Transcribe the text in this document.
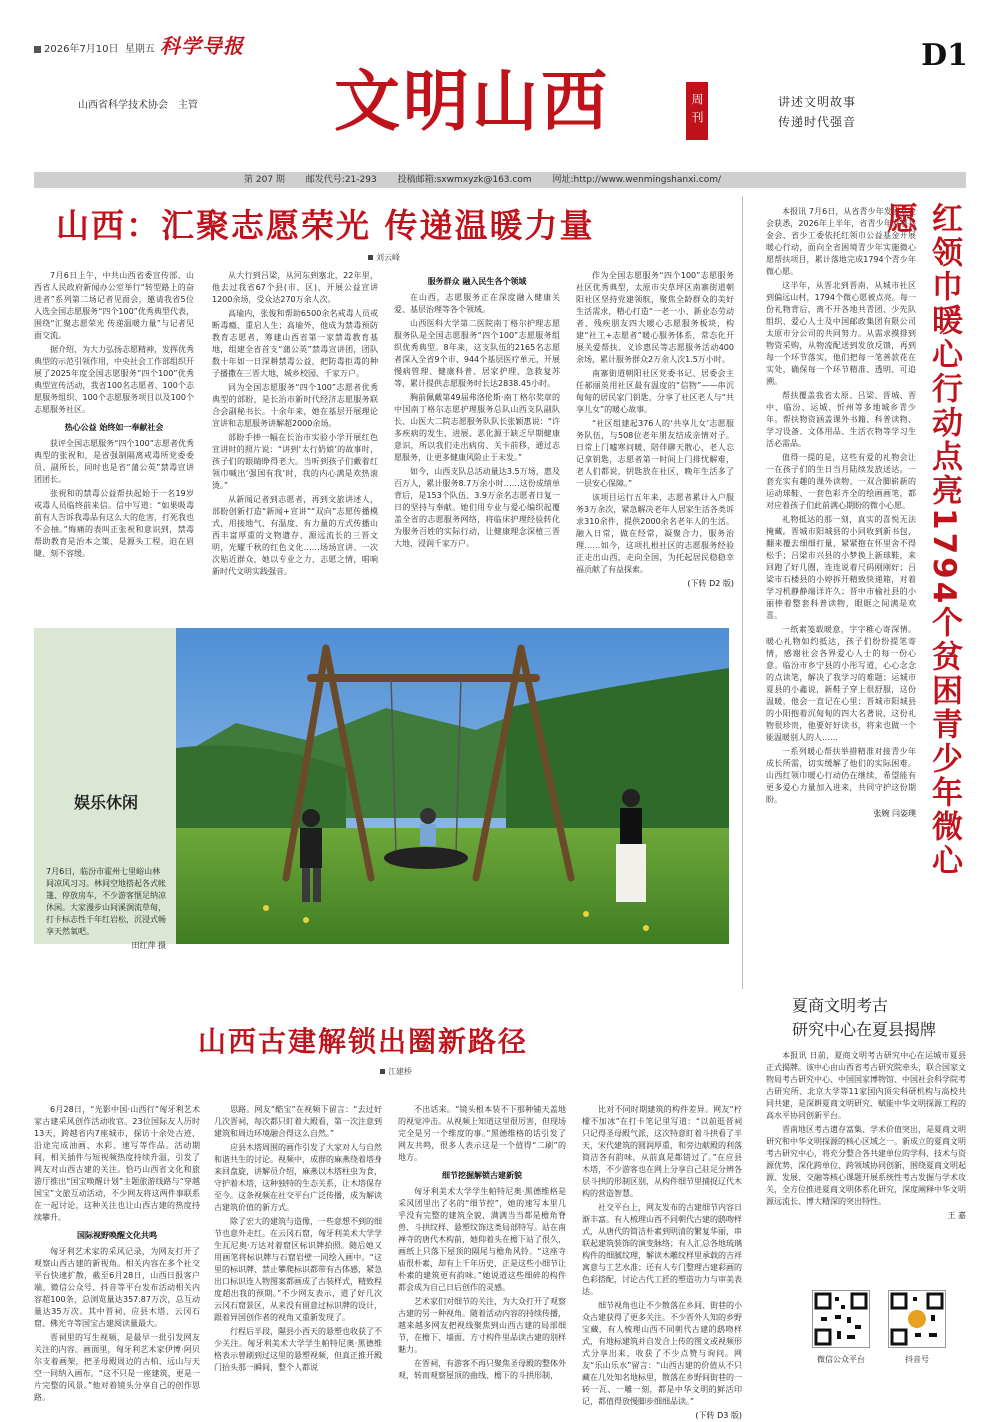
2026年7月10日 星期五 科学导报	D1
山西省科学技术协会　主管 文明山西	周刊	讲述文明故事
传递时代强音
第 207 期 邮发代号:21-293 投稿邮箱:sxwmxyzk@163.com 网址:http://www.wenmingshanxi.com/
山西：汇聚志愿荣光 传递温暖力量
刘云峰

7月6日上午，中共山西省委宣传部、山西省人民政府新闻办公室举行“转型路上的奋进者”系列第二场记者见面会，邀请我省5位入选全国志愿服务“四个100”优秀典型代表，围绕“汇聚志愿荣光 传递温暖力量”与记者见面交流。

据介绍，为大力弘扬志愿精神，发挥优秀典型的示范引领作用，中央社会工作部组织开展了2025年度全国志愿服务“四个100”优秀典型宣传活动，我省100名志愿者、100个志愿服务组织、100个志愿服务项目以及100个志愿服务社区。

热心公益 始终如一奉献社会

获评全国志愿服务“四个100”志愿者优秀典型的张祝和，是省强制隔离戒毒所党委委员、副所长，同时也是省“蒲公英”禁毒宣讲团团长。

张祝和的禁毒公益帮扶起始于一名19岁戒毒人员临终前来信。信中写道：“如果吸毒前有人告诉我毒品有这么大的危害，打死我也不会抽。”悔痛的表叫正张祝和意识到，禁毒帮助教育是治本之策、是源头工程，迫在眉睫、刻不容缓。

从大行到吕梁，从河东到塞北，22年里，他去过我省67个县(市、区)，开展公益宣讲1200余场，受众达270万余人次。

高瑜内，张俊和帮助6500余名戒毒人员戒断毒瘾、重启人生；高瑜外，他成为禁毒预防教育志愿者，筹建山西省第一家禁毒教育基地，组建全省首支“蒲公英”禁毒宣讲团，团队数十年如一日深耕禁毒公益，把防毒拒毒的种子播撒在三晋大地，城乡校园、千家万户。

同为全国志愿服务“四个100”志愿者优秀典型的部盼，是长治市新时代经济志愿服务联合会副秘书长。十余年来，她在基层开展理论宣讲和志愿服务讲解超2000余场。

部盼手捧一幅在长治市实验小学开展红色宣讲时的照片说：“讲到‘太行奶娘’的故事时，孩子们的眼睛睁得老大。当听到孩子们戴着红领巾喊出‘强国有我’时，我的内心满是欢热滚烫。”

从新闻记者到志愿者，再到文旅讲述人，部盼创新打造“新闻+宣讲”“双向”志愿传播模式，用接地气、有温度、有力量的方式传播山西丰富厚重的文物遗存、源远流长的三晋文明，光耀千秋的红色文化……场场宣讲、一次次贴近群众，她以专业之力、志愿之情，唱响新时代文明实践强音。

服务群众 融入民生各个领域

在山西，志愿服务正在深度融入健康关爱、基层治理等各个领域。

山西医科大学第二医院南丁格尔护理志愿服务队是全国志愿服务“四个100”志愿服务组织优秀典型。8年来，这支队伍的2165名志愿者深入全省9个市、944个基层医疗单元，开展慢病管理、健康科普、居家护理、急救复苏等，累计提供志愿服务时长达2838.45小时。

胸前佩戴第49届弗洛伦斯·南丁格尔奖章的中国南丁格尔志愿护理服务总队山西支队副队长、山医大二院志愿服务队队长张颖惠说：“许多疾病的发生、进展、恶化源于缺乏早期健康意识，所以我们走出病房、关卡前移，通过志愿服务，让更多健康风险止于未发。”

如今，山西支队总活动量达3.5万场，惠及百万人，累计服务8.7万余小时……这份成绩单背后，是153个队伍、3.9万余名志愿者日复一日的坚持与奉献。她们用专业与爱心编织起覆盖全省的志愿服务网络，将临床护理经验转化为服务百姓的实际行动，让健康理念深植三晋大地，浸润千家万户。

作为全国志愿服务“四个100”志愿服务社区优秀典型，太原市尖草坪区南寨街道朝阳社区坚持党建领航，聚焦全龄群众的美好生活需求，精心打造“一老一小、新业态劳动者、残疾朋友四大暖心志愿服务板块，构建“社工+志愿者”暖心服务体系，常态化开展关爱帮扶、义诊惠民等志愿服务活动400余场，累计服务群众2万余人次1.5万小时。

南寨街道朝阳社区党委书记、居委会主任郝丽英用社区最有温度的“信物”——串沉甸甸的居民家门钥匙，分享了社区老人与“共享儿女”的暖心故事。

“社区组建起376人的‘共享儿女’志愿服务队伍，与508位老年朋友结成亲情对子。日常上门嘘寒问暖、陪伴聊天散心，老人忘记拿钥匙，志愿者第一时间上门排忧解难，老人们都说，钥匙放在社区，晚年生活多了一层安心保障。”

该项目运行五年来，志愿者累计入户服务3万余次，紧急解决老年人居家生活各类诉求310余件，提供2000余名老年人的生活。融入日常，做在经常，凝聚合力，服务治理……如今，这项扎根社区的志愿服务经验正走出山西，走向全国，为托起居民稳稳幸福贡献了有益探索。

(下转 D2 版)
娱乐休闲
7月6日，临汾市霍州七里峪山林间凉风习习。林间空地搭起各式帐篷、停放房车，不少游客惬足纳凉休闲。大家漫步山间溪涧流草甸，打卡标志性千年红岩松，沉浸式畅享天然氧吧。
田红萍 摄

本报讯 7月6日，从省青少年发展基金会获悉，2026年上半年，省青少年发展基金会、省少工委依托红领巾公益基金开展暖心行动，面向全省困境青少年实施微心愿帮扶项目，累计落地完成1794个青少年微心愿。

这半年，从晋北到晋南，从城市社区到偏远山村，1794个微心愿被点亮。每一份礼物背后，离不开各地共青团、少先队组织、爱心人士及中国邮政集团有限公司太原市分公司的共同努力。从需求摸排到物资采购，从物流配送到发放反馈，再到每一个环节落实，他们把每一笔善款花在实处，确保每一个环节精准、透明、可追溯。

帮扶覆盖我省太原、吕梁、晋城、晋中、临汾、运城、忻州等多地城乡青少年。帮扶物资涵盖课外书籍、科普读物、学习设备、文体用品、生活衣物等学习生活必需品。

值得一提的是，这些有爱的礼物会让一在孩子们的生日当月陆续发放送达。一套充实有趣的课外读物、一双合脚崭新的运动球鞋、一套色彩齐全的绘画画笔，都对应着孩子们此前满心期盼的微小心愿。

礼物抵达的那一刻，真实的喜悦无法掩藏。晋城市阳城县的小同收到新书包，翻来覆去细细打量，紧紧抱在怀里舍不得松手；吕梁市兴县的小梦换上新球鞋，来回跑了好几圈，连连说着尺码刚刚好；吕梁市石楼县的小婷拆开精致快递箱，对着学习机静静端详许久；晋中市榆社县的小丽捧着整套科普读物，眼眶之间满是欢喜。

一纸素笺载暖意，字字稚心寄深情。暖心礼物如约抵达，孩子们纷纷提笔寄情，感谢社会各界爱心人士的每一份心意。临汾市乡宁县的小彤写道，心心念念的点读笔，解决了我学习的难题；运城市夏县的小鑫说，新鞋子穿上很舒服，这份温暖，他会一直记在心里；晋城市阳城县的小阳抱着沉甸甸的四大名著说，这份礼物很珍贵，他要好好读书，将来也做一个能温暖别人的人……

一系列暖心帮扶举措精准对接青少年成长所需，切实缓解了他们的实际困难。山西红领巾暖心行动仍在继续，希望能有更多爱心力量加入进来，共同守护这份期盼。

张婉 闫姿璞 红领巾暖心行动点亮1794个贫困青少年微心愿
夏商文明考古
研究中心在夏县揭牌

本报讯 日前，夏商文明考古研究中心在运城市夏县正式揭牌。该中心由山西省考古研究院牵头，联合国家文物局考古研究中心、中国国家博物馆、中国社会科学院考古研究所、北京大学等11家国内顶尖科研机构与高校共同共建，是深耕夏商文明研究、赋能中华文明探源工程的高水平协同创新平台。

晋南地区考古遗存富集、学术价值突出，是夏商文明研究和中华文明探源的核心区域之一。新成立的夏商文明考古研究中心，将充分整合各共建单位的学科、技术与资源优势，深化跨单位、跨领域协同创新，围绕夏商文明起源、发展、交融等核心课题开展系统性考古发掘与学术攻关，全方位推进夏商文明体系化研究，深度阐释中华文明源远流长、博大精深的突出特性。

王 嘉
山西古建解锁出圈新路径
江建桥

6月28日，“光影中国·山西行”匈牙利艺术家古建采风创作活动收官。23位国际友人历时13天，跨越省内7座城市，探访十余处古迹，沿途完成油画、水彩、速写等作品。活动期间，相关插件与短视频热度持续升温，引发了网友对山西古建的关注。恰巧山西省文化和旅游厅推出“国宝唤醒计划”主题旅游线路与“穿越国宝”文旅互动活动，不少网友将这两件事联系在一起讨论，这种关注也让山西古建的热度持续攀升。

国际视野唤醒文化共鸣

匈牙利艺术家的采风记录，为网友打开了观察山西古建的新视角。相关内容在多个社交平台快速扩散，截至6月28日，山西日报客户端、微信公众号、抖音等平台发布活动相关内容超100条，总浏览量达357.87万次，总互动量达35万次。其中晋祠、应县木塔、云冈石窟、佛光寺等国宝古建阅读量最大。

晋祠里的写生视频，是最早一批引发网友关注的内容。画面里，匈牙利艺术家伊博·阿贝尔支着画架，把圣母殿周边的古柏、远山与天空一同纳入画布。“这不只是一座建筑，更是一片完整的风景。”他对着镜头分享自己的创作思路。

思路。网友“酷宝”在视频下留言：“去过好几次晋祠，每次都只盯着大殿看，第一次注意到建筑和周边环境融合得这么自然。”

应县木塔周围的画作引发了大家对人与自然和谐共生的讨论。视频中，成群的麻燕绕着塔身来回盘旋，讲解员介绍，麻燕以木塔柱虫为食，守护着木塔，这种独特的生态关系，让木塔保存至今。这条视频在社交平台广泛传播，成为解读古建筑价值的新方式。

除了宏大的建筑与造像，一些意想不到的细节也意外走红。在云冈石窟，匈牙利美术大学学生瓦尼奥·万达对着窟区标识牌拍照。随后她又用画笔将标识牌与石窟岩壁一同绘入画中。“这里的标识牌、禁止攀爬标识都带有古体感，紧急出口标识连人物图案都画成了古装样式，精致程度超出我的预期。”不少网友表示，道了好几次云冈石窟景区，从来没有留意过标识牌的设计，跟着异国创作者的视角又重新发现了。

行程后半段，隰县小西天的悬塑也收获了不少关注。匈牙利美术大学学生帕特尼奥·黑德维格表示曾刷到过这里的悬塑视频，但真正推开殿门抬头那一瞬间，整个人都说

不出话来。“镜头根本装不下那种铺天盖地的视觉冲击。从视频上知道这里很厉害，但现场完全是另一个维度的事。”黑德维格的话引发了网友共鸣，很多人表示这是一个值得“二刷”的地方。

细节挖掘解锁古建新貌

匈牙利美术大学学生帕特尼奥·黑德维格是采风团里出了名的“细节控”，她的速写本里几乎没有完整的建筑全貌，满满当当都是檐角脊兽、斗拱纹样、悬塑纹饰这类局部特写。站在南禅寺的唐代木构前，她仰着头在檐下站了很久，画纸上只落下屋顶的隔尾与檐角风铃。“这座寺庙很朴素，却有上千年历史，正是这些小细节让朴素的建筑更有韵味。”她说道这些细碎的构件都会成为自己日后创作的灵感。

艺术家们对细节的关注，为大众打开了观察古建的另一种视角。随着活动内容的持续传播，越来越多网友把视线聚焦到山西古建的局部细节，在檐下、墙面、方寸构件里品读古建的别样魅力。

在晋祠，有游客不再只聚焦圣母殿的整体外观，转而观察屋顶的曲线、檐下的斗拱形制，

比对不同时期建筑的构件差异。网友“柠檬不加冰”在打卡笔记里写道：“以前逛晋祠只记得圣母殿气派，这次特意盯着斗拱看了半天，宋代建筑的圆润厚重，和旁边献殿的利落简洁各有韵味，从前真是都错过了。”在应县木塔，不少游客也在网上分享自己驻足分辨各层斗拱的形制区别，从构件细节里捕捉辽代木构的营造智慧。

社交平台上，网友发布的古建细节内容日渐丰富。有人梳理山西不同朝代古建的鸱吻样式，从唐代的简洁朴素到明清的繁复华丽，串联起建筑装饰的演变脉络；有人汇总各地琉璃构件的细腻纹理，解读木雕纹样里承载的吉祥寓意与工艺水准；还有人专门整理古建彩画的色彩搭配，讨论古代工匠的塑造功力与审美表达。

细节视角也让不少散落在乡间、街巷的小众古建获得了更多关注。不少晋外人知的乡野宝藏，有人梳理山西不同朝代古建的鸱吻样式，有地标建筑并自发合上传的图文或视频形式分享出来，收获了不少点赞与询问。网友“乐山乐水”留言：“山西古建的价值从不只藏在几处知名地标里，散落在乡野间街巷的一砖一瓦、一雕一刻，都是中华文明的鲜活印记，都值得放慢脚步细细品读。”

(下转 D3 版)
微信公众平台	抖音号
